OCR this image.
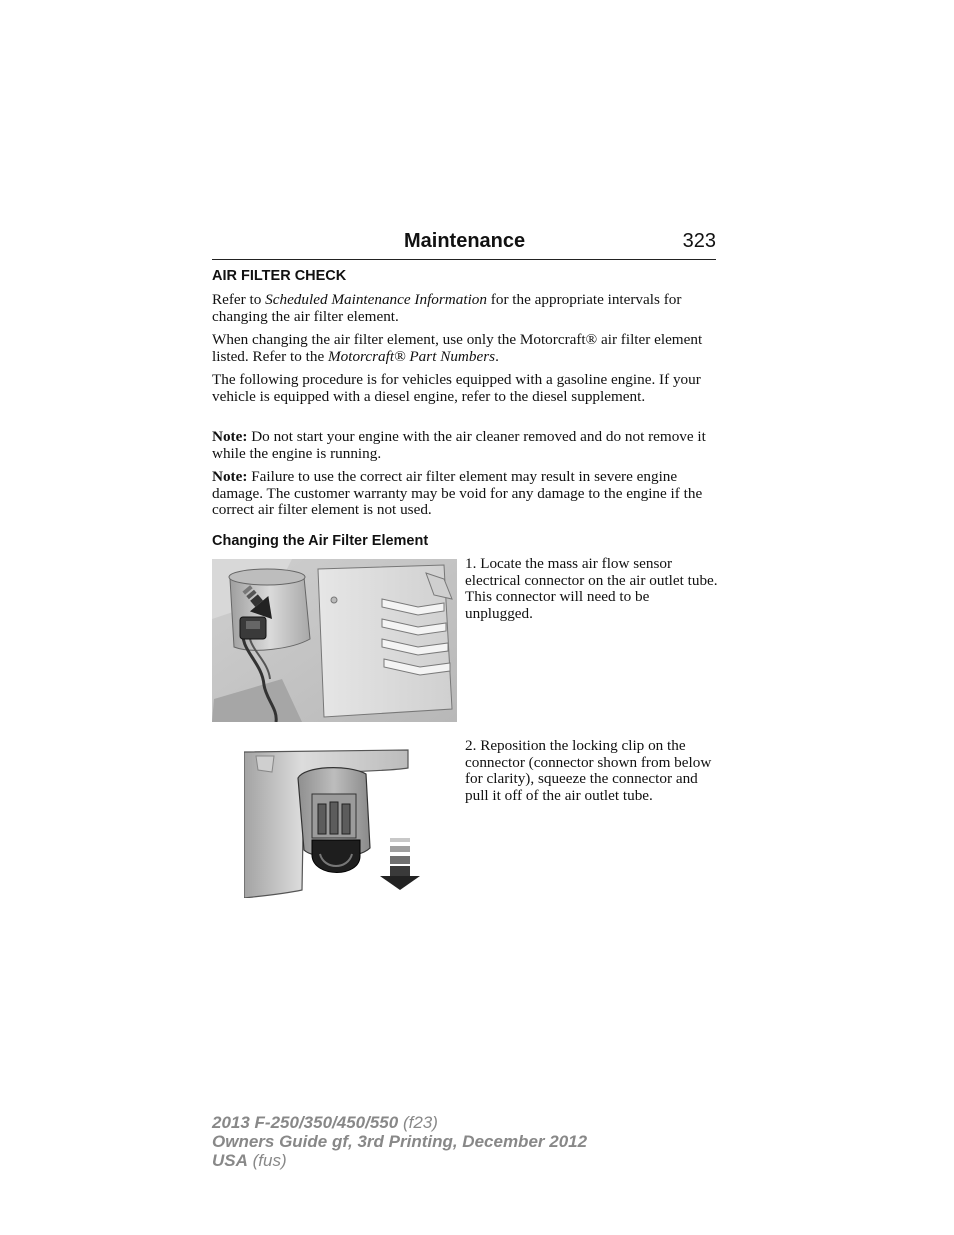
Maintenance	323
AIR FILTER CHECK

Refer to Scheduled Maintenance Information for the appropriate intervals for changing the air filter element.

When changing the air filter element, use only the Motorcraft® air filter element listed. Refer to the Motorcraft® Part Numbers.

The following procedure is for vehicles equipped with a gasoline engine. If your vehicle is equipped with a diesel engine, refer to the diesel supplement.

Note: Do not start your engine with the air cleaner removed and do not remove it while the engine is running.

Note: Failure to use the correct air filter element may result in severe engine damage. The customer warranty may be void for any damage to the engine if the correct air filter element is not used.

Changing the Air Filter Element

1. Locate the mass air flow sensor electrical connector on the air outlet tube. This connector will need to be unplugged.

2. Reposition the locking clip on the connector (connector shown from below for clarity), squeeze the connector and pull it off of the air outlet tube.

2013 F-250/350/450/550 (f23)
Owners Guide gf, 3rd Printing, December 2012
USA (fus)
